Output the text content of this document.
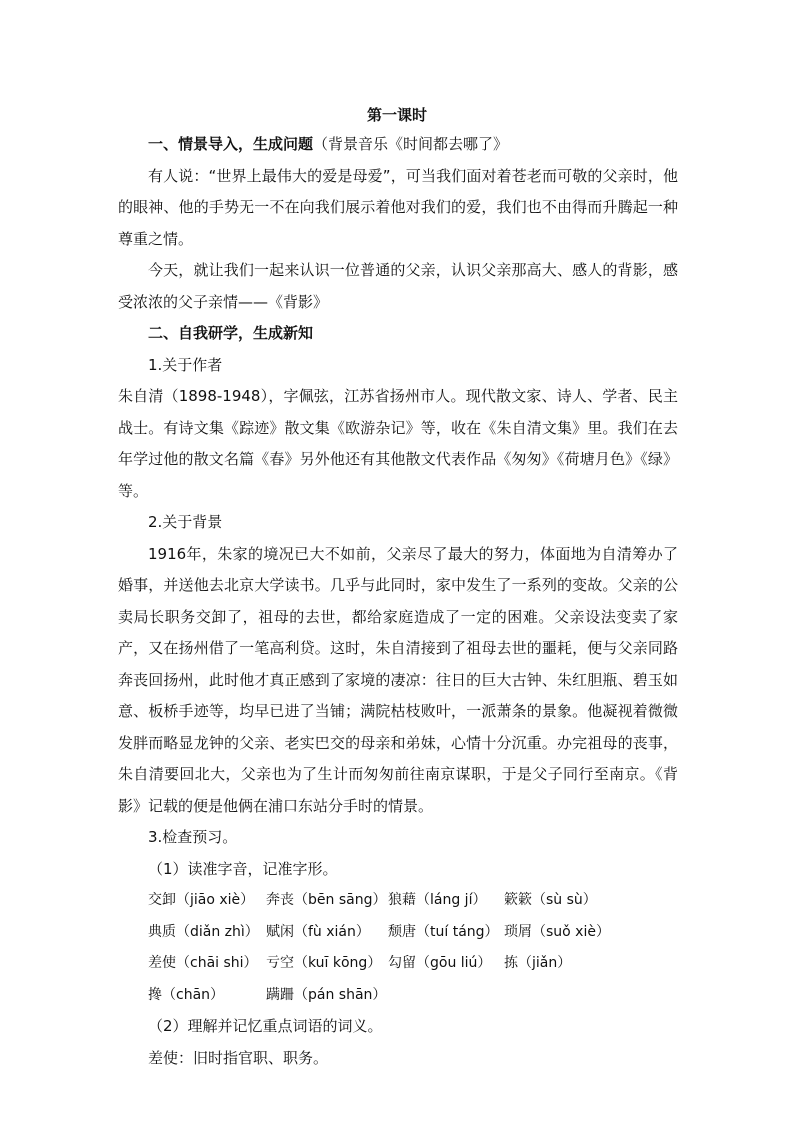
第一课时

一、情景导入，生成问题（背景音乐《时间都去哪了》

有人说：“世界上最伟大的爱是母爱”，可当我们面对着苍老而可敬的父亲时，他的眼神、他的手势无一不在向我们展示着他对我们的爱，我们也不由得而升腾起一种尊重之情。

今天，就让我们一起来认识一位普通的父亲，认识父亲那高大、感人的背影，感受浓浓的父子亲情——《背影》

二、自我研学，生成新知

1.关于作者

朱自清（1898-1948），字佩弦，江苏省扬州市人。现代散文家、诗人、学者、民主战士。有诗文集《踪迹》散文集《欧游杂记》等，收在《朱自清文集》里。我们在去年学过他的散文名篇《春》另外他还有其他散文代表作品《匆匆》《荷塘月色》《绿》等。

2.关于背景

1916年，朱家的境况已大不如前，父亲尽了最大的努力，体面地为自清筹办了婚事，并送他去北京大学读书。几乎与此同时，家中发生了一系列的变故。父亲的公卖局长职务交卸了，祖母的去世，都给家庭造成了一定的困难。父亲设法变卖了家产，又在扬州借了一笔高利贷。这时，朱自清接到了祖母去世的噩耗，便与父亲同路奔丧回扬州，此时他才真正感到了家境的凄凉：往日的巨大古钟、朱红胆瓶、碧玉如意、板桥手迹等，均早已进了当铺；满院枯枝败叶，一派萧条的景象。他凝视着微微发胖而略显龙钟的父亲、老实巴交的母亲和弟妹，心情十分沉重。办完祖母的丧事，朱自清要回北大，父亲也为了生计而匆匆前往南京谋职，于是父子同行至南京。《背影》记载的便是他俩在浦口东站分手时的情景。

3.检查预习。

（1）读准字音，记准字形。

交卸（jiāo xiè） 奔丧（bēn sāng） 狼藉（láng jí）	簌簌（sù sù）
典质（diǎn zhì） 赋闲（fù xián）	颓唐（tuí táng） 琐屑（suǒ xiè）
差使（chāi shi） 亏空（kuī kōng） 勾留（gōu liú） 拣（jiǎn）
搀（chān）	蹒跚（pán shān）

（2）理解并记忆重点词语的词义。

差使：旧时指官职、职务。
